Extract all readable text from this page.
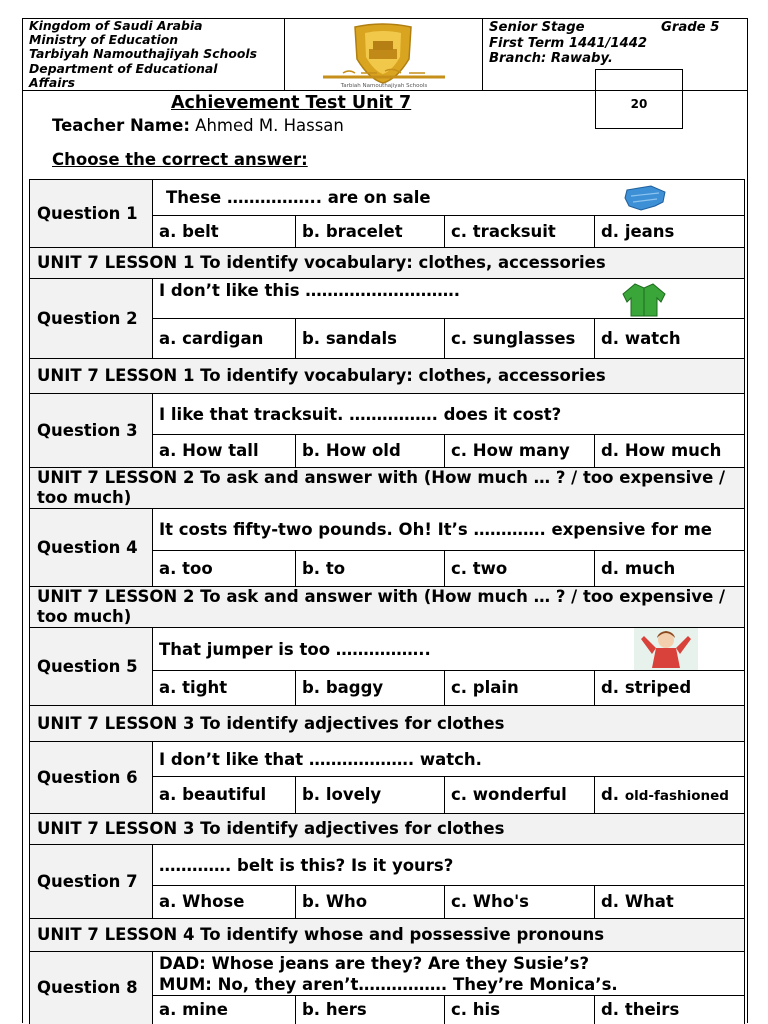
Kingdom of Saudi Arabia
Ministry of Education
Tarbiyah Namouthajiyah Schools
Department of Educational
Affairs	Tarbiah Namouthajiyah Schools
Senior Stage	Grade 5
First Term 1441/1442
Branch: Rawaby.
20
Achievement Test Unit 7
Teacher Name: Ahmed M. Hassan
Choose the correct answer:
Question 1	These …………….. are on sale			

	a. belt	b. bracelet	c. tracksuit	d. jeans
UNIT 7 LESSON 1 To identify vocabulary: clothes, accessories				
Question 2	I don’t like this ……………………….			

	a. cardigan	b. sandals	c. sunglasses	d. watch
UNIT 7 LESSON 1 To identify vocabulary: clothes, accessories				
Question 3	I like that tracksuit. ……………. does it cost?			
	a. How tall	b. How old	c. How many	d. How much
UNIT 7 LESSON 2 To ask and answer with (How much … ? / too expensive / too much)				
Question 4	It costs fifty-two pounds. Oh! It’s …………. expensive for me			
	a. too	b. to	c. two	d. much
UNIT 7 LESSON 2 To ask and answer with (How much … ? / too expensive / too much)				
Question 5	That jumper is too ……………..			

	a. tight	b. baggy	c. plain	d. striped
UNIT 7 LESSON 3 To identify adjectives for clothes				
Question 6	I don’t like that ………………. watch.			
	a. beautiful	b. lovely	c. wonderful	d. old-fashioned
UNIT 7 LESSON 3 To identify adjectives for clothes				
Question 7	…………. belt is this? Is it yours?			
	a. Whose	b. Who	c. Who's	d. What
UNIT 7 LESSON 4 To identify whose and possessive pronouns				
Question 8	DAD: Whose jeans are they? Are they Susie’s?
MUM: No, they aren’t……………. They’re Monica’s.			

	a. mine	b. hers	c. his	d. theirs
